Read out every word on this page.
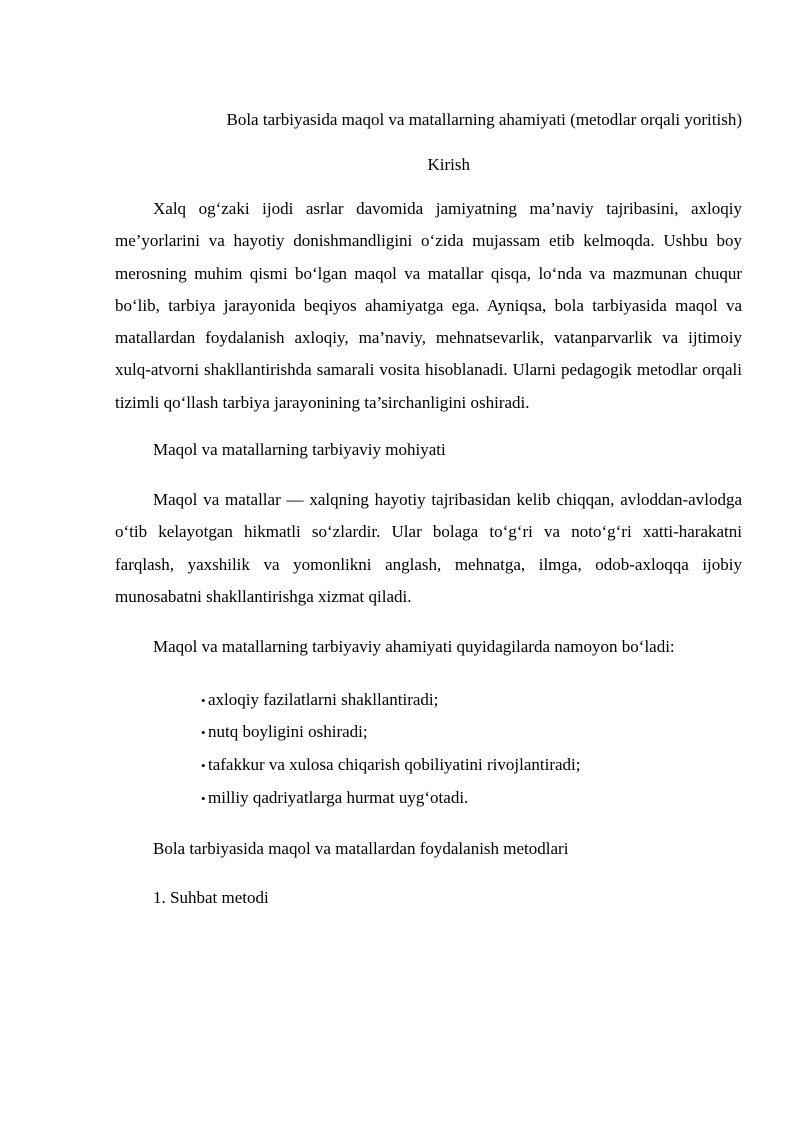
Bola tarbiyasida maqol va matallarning ahamiyati (metodlar orqali yoritish)

Kirish

Xalq og‘zaki ijodi asrlar davomida jamiyatning ma’naviy tajribasini, axloqiy me’yorlarini va hayotiy donishmandligini o‘zida mujassam etib kelmoqda. Ushbu boy merosning muhim qismi bo‘lgan maqol va matallar qisqa, lo‘nda va mazmunan chuqur bo‘lib, tarbiya jarayonida beqiyos ahamiyatga ega. Ayniqsa, bola tarbiyasida maqol va matallardan foydalanish axloqiy, ma’naviy, mehnatsevarlik, vatanparvarlik va ijtimoiy xulq-atvorni shakllantirishda samarali vosita hisoblanadi. Ularni pedagogik metodlar orqali tizimli qo‘llash tarbiya jarayonining ta’sirchanligini oshiradi.

Maqol va matallarning tarbiyaviy mohiyati

Maqol va matallar — xalqning hayotiy tajribasidan kelib chiqqan, avloddan-avlodga o‘tib kelayotgan hikmatli so‘zlardir. Ular bolaga to‘g‘ri va noto‘g‘ri xatti-harakatni farqlash, yaxshilik va yomonlikni anglash, mehnatga, ilmga, odob-axloqqa ijobiy munosabatni shakllantirishga xizmat qiladi.

Maqol va matallarning tarbiyaviy ahamiyati quyidagilarda namoyon bo‘ladi:

• axloqiy fazilatlarni shakllantiradi;
• nutq boyligini oshiradi;
• tafakkur va xulosa chiqarish qobiliyatini rivojlantiradi;
• milliy qadriyatlarga hurmat uyg‘otadi.

Bola tarbiyasida maqol va matallardan foydalanish metodlari

1. Suhbat metodi
